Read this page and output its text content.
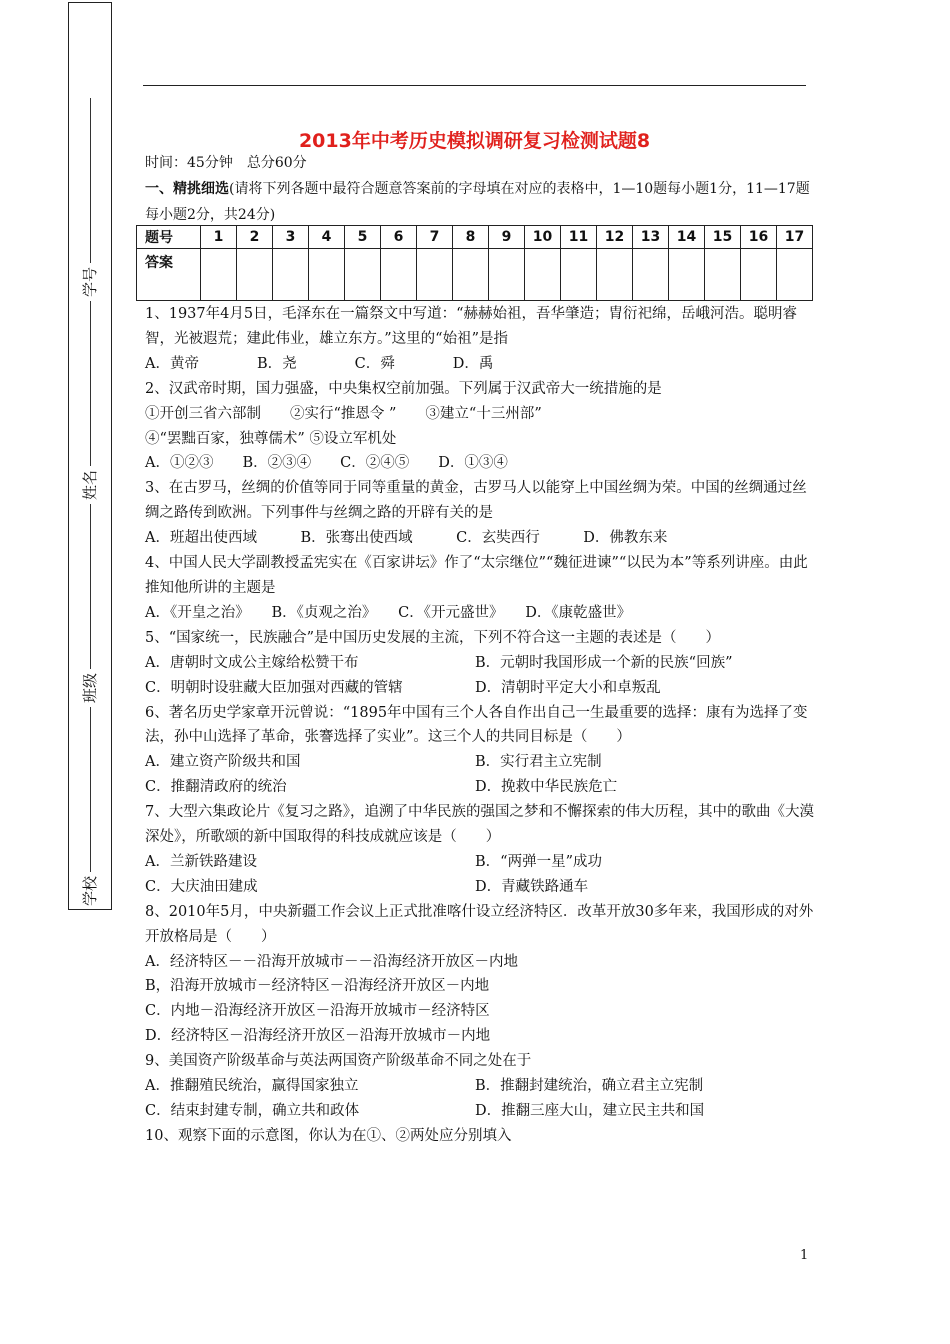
学校
班级
姓名
学号
2013年中考历史模拟调研复习检测试题8
时间：45分钟　总分60分
一、精挑细选(请将下列各题中最符合题意答案前的字母填在对应的表格中，1—10题每小题1分，11—17题每小题2分，共24分)
题号	1	2	3	4	5	6	7	8	9	10	11	12	13	14	15	16	17
答案																	

1、1937年4月5日，毛泽东在一篇祭文中写道：“赫赫始祖，吾华肇造；胄衍祀绵，岳峨河浩。聪明睿智，光被遐荒；建此伟业，雄立东方。”这里的“始祖”是指

A．黄帝　　　　B．尧　　　　C．舜　　　　D．禹

2、汉武帝时期，国力强盛，中央集权空前加强。下列属于汉武帝大一统措施的是

①开创三省六部制　　②实行“推恩令 ”　　③建立“十三州部”

④“罢黜百家，独尊儒术” ⑤设立军机处

A．①②③　　B．②③④　　C．②④⑤　　D．①③④

3、在古罗马，丝绸的价值等同于同等重量的黄金，古罗马人以能穿上中国丝绸为荣。中国的丝绸通过丝绸之路传到欧洲。下列事件与丝绸之路的开辟有关的是

A．班超出使西域　　　B．张骞出使西域　　　C．玄奘西行　　　D．佛教东来

4、中国人民大学副教授孟宪实在《百家讲坛》作了“太宗继位”“魏征进谏”“以民为本”等系列讲座。由此推知他所讲的主题是

A．《开皇之治》　　B．《贞观之治》　　C．《开元盛世》　　D．《康乾盛世》

5、“国家统一，民族融合”是中国历史发展的主流，下列不符合这一主题的表述是（　　）

A．唐朝时文成公主嫁给松赞干布	B．元朝时我国形成一个新的民族“回族”

C．明朝时设驻藏大臣加强对西藏的管辖	D．清朝时平定大小和卓叛乱

6、著名历史学家章开沅曾说：“1895年中国有三个人各自作出自己一生最重要的选择：康有为选择了变法，孙中山选择了革命，张謇选择了实业”。这三个人的共同目标是（　　）

A．建立资产阶级共和国	B．实行君主立宪制

C．推翻清政府的统治	D．挽救中华民族危亡

7、大型六集政论片《复习之路》，追溯了中华民族的强国之梦和不懈探索的伟大历程，其中的歌曲《大漠深处》，所歌颂的新中国取得的科技成就应该是（　　）

A．兰新铁路建设	B．“两弹一星”成功

C．大庆油田建成	D．青藏铁路通车

8、2010年5月，中央新疆工作会议上正式批准喀什设立经济特区．改革开放30多年来，我国形成的对外开放格局是（　　）

A．经济特区－－沿海开放城市－－沿海经济开放区－内地

B，沿海开放城市－经济特区－沿海经济开放区－内地

C．内地－沿海经济开放区－沿海开放城市－经济特区

D．经济特区－沿海经济开放区－沿海开放城市－内地

9、美国资产阶级革命与英法两国资产阶级革命不同之处在于

A．推翻殖民统治，赢得国家独立	B．推翻封建统治，确立君主立宪制

C．结束封建专制，确立共和政体	D．推翻三座大山，建立民主共和国

10、观察下面的示意图，你认为在①、②两处应分别填入

1
